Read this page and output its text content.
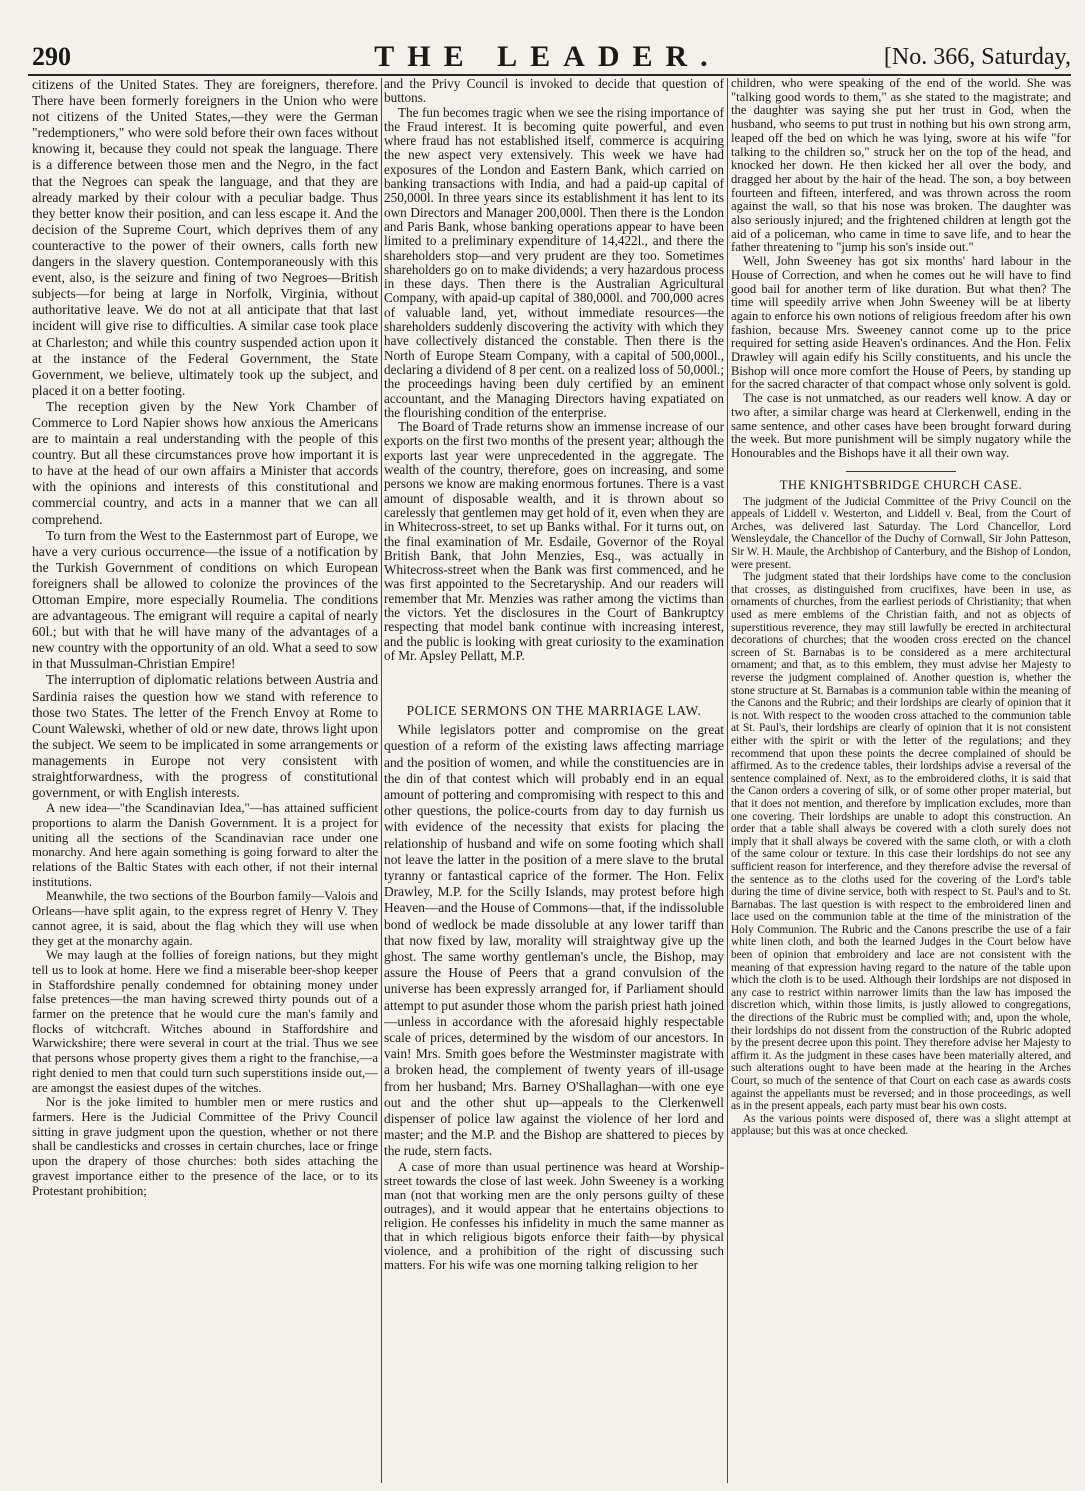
290	THE LEADER.	[No. 366, Saturday,

citizens of the United States. They are foreigners, therefore. There have been formerly foreigners in the Union who were not citizens of the United States,—they were the German "redemptioners," who were sold before their own faces without knowing it, because they could not speak the language. There is a difference between those men and the Negro, in the fact that the Negroes can speak the language, and that they are already marked by their colour with a peculiar badge. Thus they better know their position, and can less escape it. And the decision of the Supreme Court, which deprives them of any counteractive to the power of their owners, calls forth new dangers in the slavery question. Contemporaneously with this event, also, is the seizure and fining of two Negroes—British subjects—for being at large in Norfolk, Virginia, without authoritative leave. We do not at all anticipate that that last incident will give rise to difficulties. A similar case took place at Charleston; and while this country suspended action upon it at the instance of the Federal Government, the State Government, we believe, ultimately took up the subject, and placed it on a better footing.

The reception given by the New York Chamber of Commerce to Lord Napier shows how anxious the Americans are to maintain a real understanding with the people of this country. But all these circumstances prove how important it is to have at the head of our own affairs a Minister that accords with the opinions and interests of this constitutional and commercial country, and acts in a manner that we can all comprehend.

To turn from the West to the Easternmost part of Europe, we have a very curious occurrence—the issue of a notification by the Turkish Government of conditions on which European foreigners shall be allowed to colonize the provinces of the Ottoman Empire, more especially Roumelia. The conditions are advantageous. The emigrant will require a capital of nearly 60l.; but with that he will have many of the advantages of a new country with the opportunity of an old. What a seed to sow in that Mussulman-Christian Empire!

The interruption of diplomatic relations between Austria and Sardinia raises the question how we stand with reference to those two States. The letter of the French Envoy at Rome to Count Walewski, whether of old or new date, throws light upon the subject. We seem to be implicated in some arrangements or managements in Europe not very consistent with straightforwardness, with the progress of constitutional government, or with English interests.

A new idea—"the Scandinavian Idea,"—has attained sufficient proportions to alarm the Danish Government. It is a project for uniting all the sections of the Scandinavian race under one monarchy. And here again something is going forward to alter the relations of the Baltic States with each other, if not their internal institutions.

Meanwhile, the two sections of the Bourbon family—Valois and Orleans—have split again, to the express regret of Henry V. They cannot agree, it is said, about the flag which they will use when they get at the monarchy again.

We may laugh at the follies of foreign nations, but they might tell us to look at home. Here we find a miserable beer-shop keeper in Staffordshire penally condemned for obtaining money under false pretences—the man having screwed thirty pounds out of a farmer on the pretence that he would cure the man's family and flocks of witchcraft. Witches abound in Staffordshire and Warwickshire; there were several in court at the trial. Thus we see that persons whose property gives them a right to the franchise,—a right denied to men that could turn such superstitions inside out,—are amongst the easiest dupes of the witches.

Nor is the joke limited to humbler men or mere rustics and farmers. Here is the Judicial Committee of the Privy Council sitting in grave judgment upon the question, whether or not there shall be candlesticks and crosses in certain churches, lace or fringe upon the drapery of those churches: both sides attaching the gravest importance either to the presence of the lace, or to its Protestant prohibition;

and the Privy Council is invoked to decide that question of buttons.

The fun becomes tragic when we see the rising importance of the Fraud interest. It is becoming quite powerful, and even where fraud has not established itself, commerce is acquiring the new aspect very extensively. This week we have had exposures of the London and Eastern Bank, which carried on banking transactions with India, and had a paid-up capital of 250,000l. In three years since its establishment it has lent to its own Directors and Manager 200,000l. Then there is the London and Paris Bank, whose banking operations appear to have been limited to a preliminary expenditure of 14,422l., and there the shareholders stop—and very prudent are they too. Sometimes shareholders go on to make dividends; a very hazardous process in these days. Then there is the Australian Agricultural Company, with apaid-up capital of 380,000l. and 700,000 acres of valuable land, yet, without immediate resources—the shareholders suddenly discovering the activity with which they have collectively distanced the constable. Then there is the North of Europe Steam Company, with a capital of 500,000l., declaring a dividend of 8 per cent. on a realized loss of 50,000l.; the proceedings having been duly certified by an eminent accountant, and the Managing Directors having expatiated on the flourishing condition of the enterprise.

The Board of Trade returns show an immense increase of our exports on the first two months of the present year; although the exports last year were unprecedented in the aggregate. The wealth of the country, therefore, goes on increasing, and some persons we know are making enormous fortunes. There is a vast amount of disposable wealth, and it is thrown about so carelessly that gentlemen may get hold of it, even when they are in Whitecross-street, to set up Banks withal. For it turns out, on the final examination of Mr. Esdaile, Governor of the Royal British Bank, that John Menzies, Esq., was actually in Whitecross-street when the Bank was first commenced, and he was first appointed to the Secretaryship. And our readers will remember that Mr. Menzies was rather among the victims than the victors. Yet the disclosures in the Court of Bankruptcy respecting that model bank continue with increasing interest, and the public is looking with great curiosity to the examination of Mr. Apsley Pellatt, M.P.

POLICE SERMONS ON THE MARRIAGE LAW.

While legislators potter and compromise on the great question of a reform of the existing laws affecting marriage and the position of women, and while the constituencies are in the din of that contest which will probably end in an equal amount of pottering and compromising with respect to this and other questions, the police-courts from day to day furnish us with evidence of the necessity that exists for placing the relationship of husband and wife on some footing which shall not leave the latter in the position of a mere slave to the brutal tyranny or fantastical caprice of the former. The Hon. Felix Drawley, M.P. for the Scilly Islands, may protest before high Heaven—and the House of Commons—that, if the indissoluble bond of wedlock be made dissoluble at any lower tariff than that now fixed by law, morality will straightway give up the ghost. The same worthy gentleman's uncle, the Bishop, may assure the House of Peers that a grand convulsion of the universe has been expressly arranged for, if Parliament should attempt to put asunder those whom the parish priest hath joined—unless in accordance with the aforesaid highly respectable scale of prices, determined by the wisdom of our ancestors. In vain! Mrs. Smith goes before the Westminster magistrate with a broken head, the complement of twenty years of ill-usage from her husband; Mrs. Barney O'Shallaghan—with one eye out and the other shut up—appeals to the Clerkenwell dispenser of police law against the violence of her lord and master; and the M.P. and the Bishop are shattered to pieces by the rude, stern facts.

A case of more than usual pertinence was heard at Worship-street towards the close of last week. John Sweeney is a working man (not that working men are the only persons guilty of these outrages), and it would appear that he entertains objections to religion. He confesses his infidelity in much the same manner as that in which religious bigots enforce their faith—by physical violence, and a prohibition of the right of discussing such matters. For his wife was one morning talking religion to her

children, who were speaking of the end of the world. She was "talking good words to them," as she stated to the magistrate; and the daughter was saying she put her trust in God, when the husband, who seems to put trust in nothing but his own strong arm, leaped off the bed on which he was lying, swore at his wife "for talking to the children so," struck her on the top of the head, and knocked her down. He then kicked her all over the body, and dragged her about by the hair of the head. The son, a boy between fourteen and fifteen, interfered, and was thrown across the room against the wall, so that his nose was broken. The daughter was also seriously injured; and the frightened children at length got the aid of a policeman, who came in time to save life, and to hear the father threatening to "jump his son's inside out."

Well, John Sweeney has got six months' hard labour in the House of Correction, and when he comes out he will have to find good bail for another term of like duration. But what then? The time will speedily arrive when John Sweeney will be at liberty again to enforce his own notions of religious freedom after his own fashion, because Mrs. Sweeney cannot come up to the price required for setting aside Heaven's ordinances. And the Hon. Felix Drawley will again edify his Scilly constituents, and his uncle the Bishop will once more comfort the House of Peers, by standing up for the sacred character of that compact whose only solvent is gold.

The case is not unmatched, as our readers well know. A day or two after, a similar charge was heard at Clerkenwell, ending in the same sentence, and other cases have been brought forward during the week. But more punishment will be simply nugatory while the Honourables and the Bishops have it all their own way.

THE KNIGHTSBRIDGE CHURCH CASE.

The judgment of the Judicial Committee of the Privy Council on the appeals of Liddell v. Westerton, and Liddell v. Beal, from the Court of Arches, was delivered last Saturday. The Lord Chancellor, Lord Wensleydale, the Chancellor of the Duchy of Cornwall, Sir John Patteson, Sir W. H. Maule, the Archbishop of Canterbury, and the Bishop of London, were present.

The judgment stated that their lordships have come to the conclusion that crosses, as distinguished from crucifixes, have been in use, as ornaments of churches, from the earliest periods of Christianity; that when used as mere emblems of the Christian faith, and not as objects of superstitious reverence, they may still lawfully be erected in architectural decorations of churches; that the wooden cross erected on the chancel screen of St. Barnabas is to be considered as a mere architectural ornament; and that, as to this emblem, they must advise her Majesty to reverse the judgment complained of. Another question is, whether the stone structure at St. Barnabas is a communion table within the meaning of the Canons and the Rubric; and their lordships are clearly of opinion that it is not. With respect to the wooden cross attached to the communion table at St. Paul's, their lordships are clearly of opinion that it is not consistent either with the spirit or with the letter of the regulations; and they recommend that upon these points the decree complained of should be affirmed. As to the credence tables, their lordships advise a reversal of the sentence complained of. Next, as to the embroidered cloths, it is said that the Canon orders a covering of silk, or of some other proper material, but that it does not mention, and therefore by implication excludes, more than one covering. Their lordships are unable to adopt this construction. An order that a table shall always be covered with a cloth surely does not imply that it shall always be covered with the same cloth, or with a cloth of the same colour or texture. In this case their lordships do not see any sufficient reason for interference, and they therefore advise the reversal of the sentence as to the cloths used for the covering of the Lord's table during the time of divine service, both with respect to St. Paul's and to St. Barnabas. The last question is with respect to the embroidered linen and lace used on the communion table at the time of the ministration of the Holy Communion. The Rubric and the Canons prescribe the use of a fair white linen cloth, and both the learned Judges in the Court below have been of opinion that embroidery and lace are not consistent with the meaning of that expression having regard to the nature of the table upon which the cloth is to be used. Although their lordships are not disposed in any case to restrict within narrower limits than the law has imposed the discretion which, within those limits, is justly allowed to congregations, the directions of the Rubric must be complied with; and, upon the whole, their lordships do not dissent from the construction of the Rubric adopted by the present decree upon this point. They therefore advise her Majesty to affirm it. As the judgment in these cases have been materially altered, and such alterations ought to have been made at the hearing in the Arches Court, so much of the sentence of that Court on each case as awards costs against the appellants must be reversed; and in those proceedings, as well as in the present appeals, each party must bear his own costs.

As the various points were disposed of, there was a slight attempt at applause; but this was at once checked.
